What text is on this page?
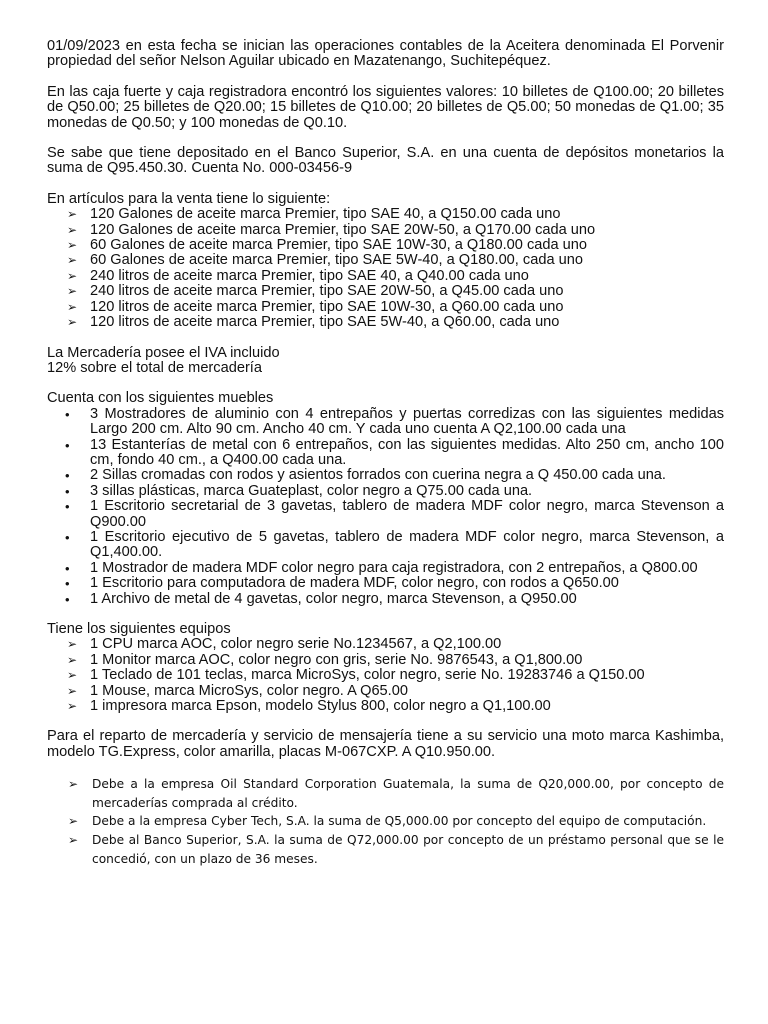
01/09/2023 en esta fecha se inician las operaciones contables de la Aceitera denominada El Porvenir propiedad del señor Nelson Aguilar ubicado en Mazatenango, Suchitepéquez.

En las caja fuerte y caja registradora encontró los siguientes valores: 10 billetes de Q100.00; 20 billetes de Q50.00; 25 billetes de Q20.00; 15 billetes de Q10.00; 20 billetes de Q5.00; 50 monedas de Q1.00; 35 monedas de Q0.50; y 100 monedas de Q0.10.

Se sabe que tiene depositado en el Banco Superior, S.A. en una cuenta de depósitos monetarios la suma de Q95.450.30. Cuenta No. 000-03456-9

En artículos para la venta tiene lo siguiente:

➢ 120 Galones de aceite marca Premier, tipo SAE 40, a Q150.00 cada uno
➢ 120 Galones de aceite marca Premier, tipo SAE 20W-50, a Q170.00 cada uno
➢ 60 Galones de aceite marca Premier, tipo SAE 10W-30, a Q180.00 cada uno
➢ 60 Galones de aceite marca Premier, tipo SAE 5W-40, a Q180.00, cada uno
➢ 240 litros de aceite marca Premier, tipo SAE 40, a Q40.00 cada uno
➢ 240 litros de aceite marca Premier, tipo SAE 20W-50, a Q45.00 cada uno
➢ 120 litros de aceite marca Premier, tipo SAE 10W-30, a Q60.00 cada uno
➢ 120 litros de aceite marca Premier, tipo SAE 5W-40, a Q60.00, cada uno

La Mercadería posee el IVA incluido

12% sobre el total de mercadería

Cuenta con los siguientes muebles

• 3 Mostradores de aluminio con 4 entrepaños y puertas corredizas con las siguientes medidas Largo 200 cm. Alto 90 cm. Ancho 40 cm. Y cada uno cuenta A Q2,100.00 cada una
• 13 Estanterías de metal con 6 entrepaños, con las siguientes medidas. Alto 250 cm, ancho 100 cm, fondo 40 cm., a Q400.00 cada una.
• 2 Sillas cromadas con rodos y asientos forrados con cuerina negra a Q 450.00 cada una.
• 3 sillas plásticas, marca Guateplast, color negro a Q75.00 cada una.
• 1 Escritorio secretarial de 3 gavetas, tablero de madera MDF color negro, marca Stevenson a Q900.00
• 1 Escritorio ejecutivo de 5 gavetas, tablero de madera MDF color negro, marca Stevenson, a Q1,400.00.
• 1 Mostrador de madera MDF color negro para caja registradora, con 2 entrepaños, a Q800.00
• 1 Escritorio para computadora de madera MDF, color negro, con rodos a Q650.00
• 1 Archivo de metal de 4 gavetas, color negro, marca Stevenson, a Q950.00

Tiene los siguientes equipos

➢ 1 CPU marca AOC, color negro serie No.1234567, a Q2,100.00
➢ 1 Monitor marca AOC, color negro con gris, serie No. 9876543, a Q1,800.00
➢ 1 Teclado de 101 teclas, marca MicroSys, color negro, serie No. 19283746 a Q150.00
➢ 1 Mouse, marca MicroSys, color negro. A Q65.00
➢ 1 impresora marca Epson, modelo Stylus 800, color negro a Q1,100.00

Para el reparto de mercadería y servicio de mensajería tiene a su servicio una moto marca Kashimba, modelo TG.Express, color amarilla, placas M-067CXP. A Q10.950.00.

➢ Debe a la empresa Oil Standard Corporation Guatemala, la suma de Q20,000.00, por concepto de mercaderías comprada al crédito.
➢ Debe a la empresa Cyber Tech, S.A. la suma de Q5,000.00 por concepto del equipo de computación.
➢ Debe al Banco Superior, S.A. la suma de Q72,000.00 por concepto de un préstamo personal que se le concedió, con un plazo de 36 meses.
